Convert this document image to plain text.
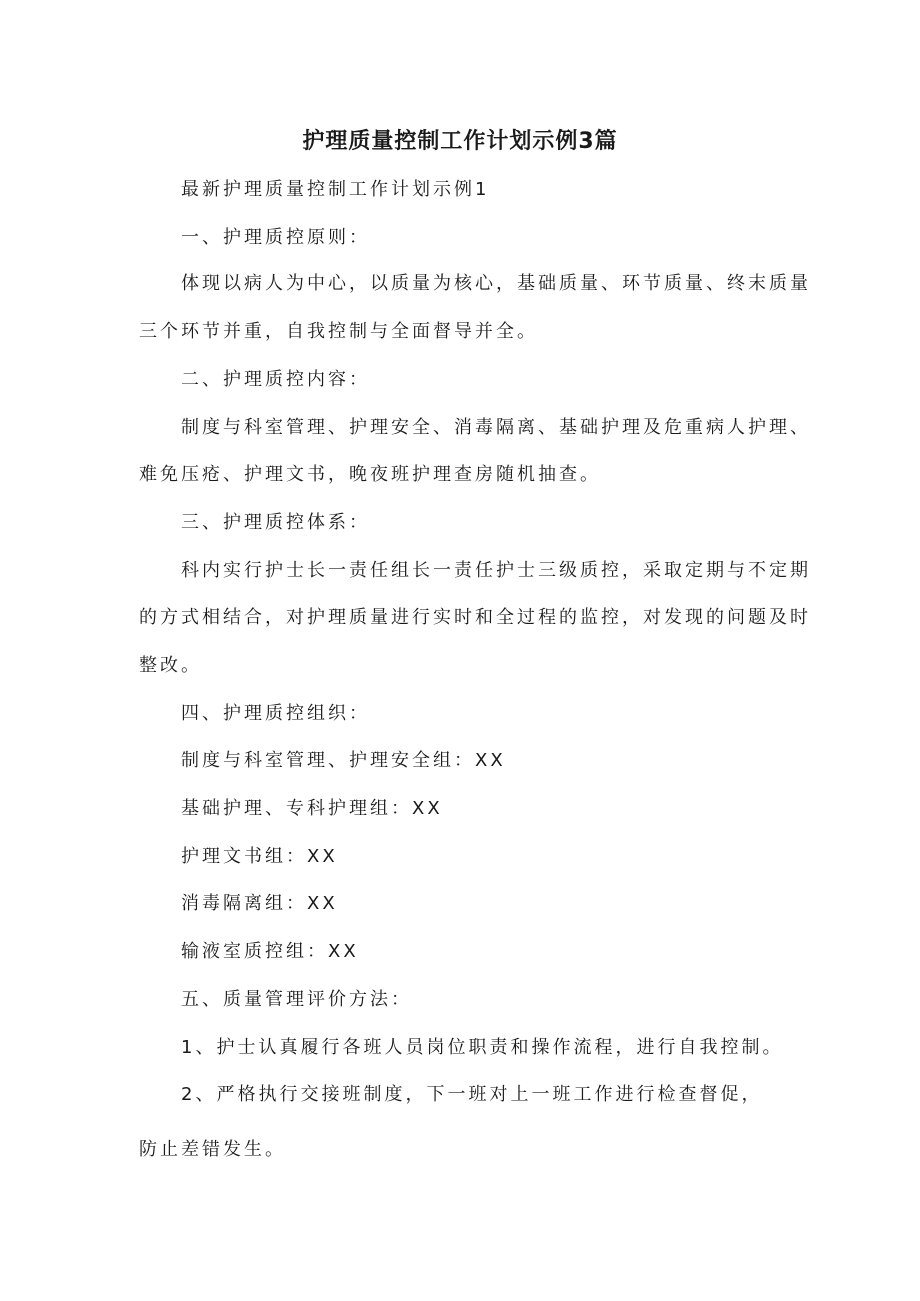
护理质量控制工作计划示例3篇
最新护理质量控制工作计划示例1
一、护理质控原则：
体现以病人为中心，以质量为核心，基础质量、环节质量、终末质量
三个环节并重，自我控制与全面督导并全。
二、护理质控内容：
制度与科室管理、护理安全、消毒隔离、基础护理及危重病人护理、
难免压疮、护理文书，晚夜班护理查房随机抽查。
三、护理质控体系：
科内实行护士长一责任组长一责任护士三级质控，采取定期与不定期
的方式相结合，对护理质量进行实时和全过程的监控，对发现的问题及时
整改。
四、护理质控组织：
制度与科室管理、护理安全组：XX
基础护理、专科护理组：XX
护理文书组：XX
消毒隔离组：XX
输液室质控组：XX
五、质量管理评价方法：
1、护士认真履行各班人员岗位职责和操作流程，进行自我控制。
2、严格执行交接班制度，下一班对上一班工作进行检查督促，
防止差错发生。
